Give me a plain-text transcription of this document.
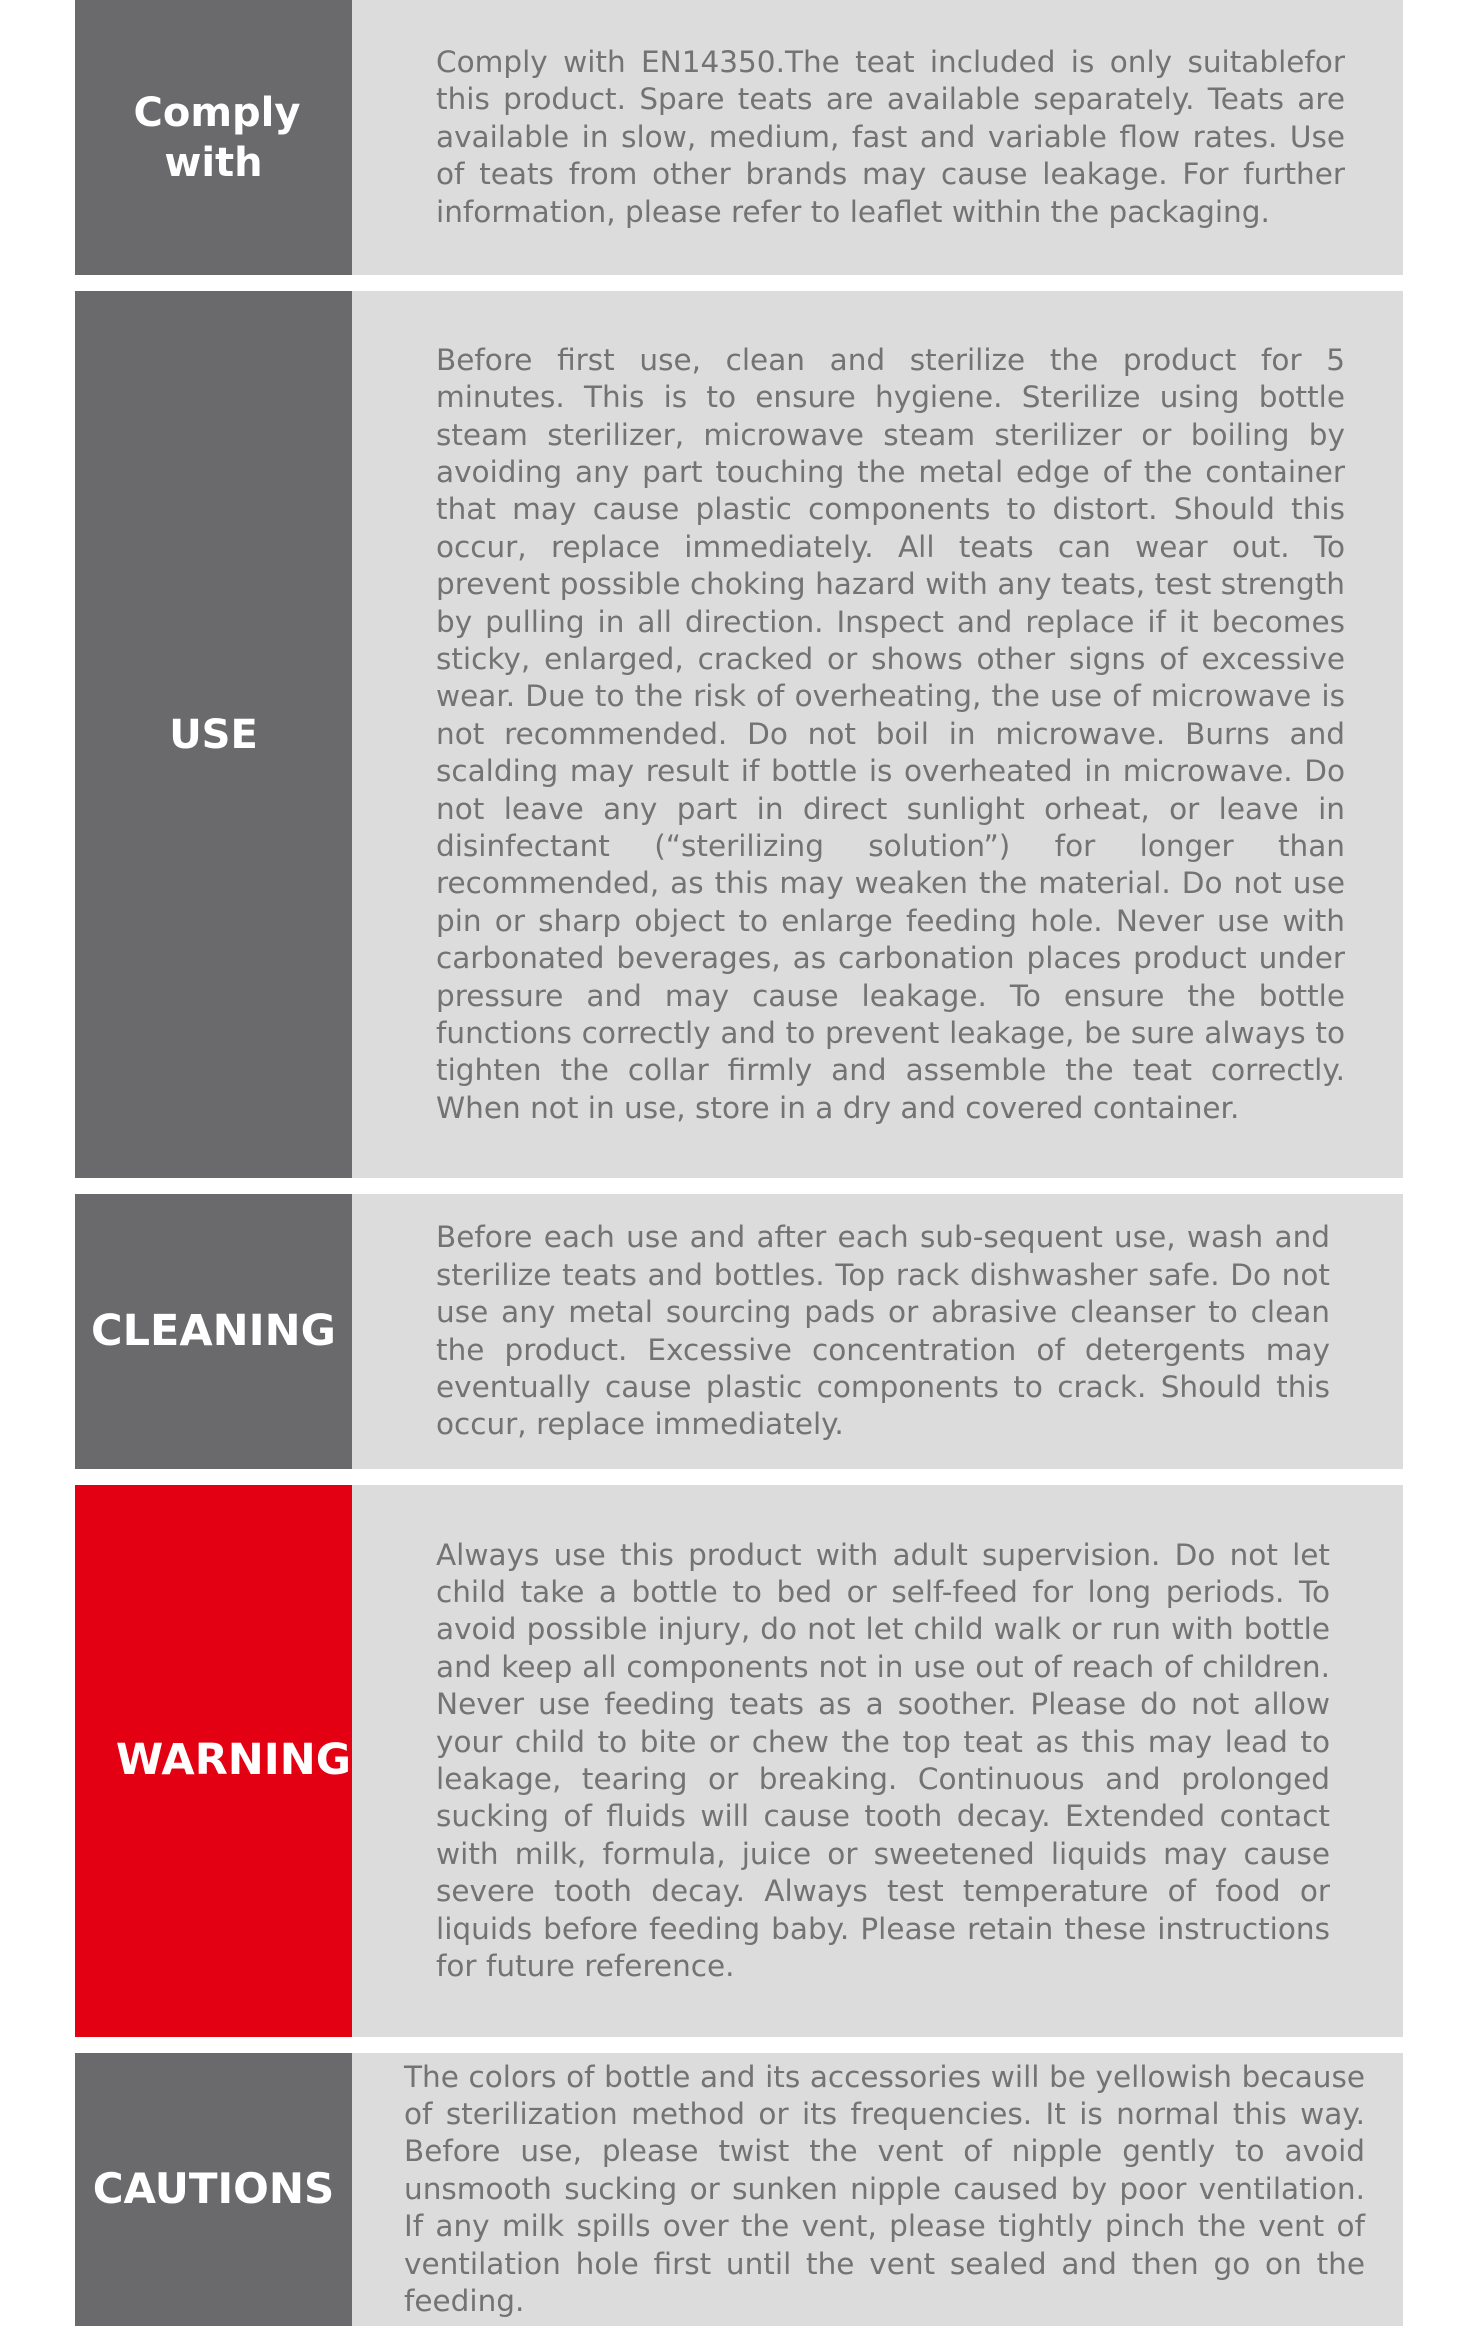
Comply with

Comply with EN14350.The teat included is only suitablefor this product. Spare teats are available separately. Teats are available in slow, medium, fast and variable flow rates. Use of teats from other brands may cause leakage. For further information, please refer to leaflet within the packaging.

USE

Before first use, clean and sterilize the product for 5 minutes. This is to ensure hygiene. Sterilize using bottle steam sterilizer, microwave steam sterilizer or boiling by avoiding any part touching the metal edge of the container that may cause plastic components to distort. Should this occur, replace immediately. All teats can wear out. To prevent possible choking hazard with any teats, test strength by pulling in all direction. Inspect and replace if it becomes sticky, enlarged, cracked or shows other signs of excessive wear. Due to the risk of overheating, the use of microwave is not recommended. Do not boil in microwave. Burns and scalding may result if bottle is overheated in microwave. Do not leave any part in direct sunlight orheat, or leave in disinfectant (“sterilizing solution”) for longer than recommended, as this may weaken the material. Do not use pin or sharp object to enlarge feeding hole. Never use with carbonated beverages, as carbonation places product under pressure and may cause leakage. To ensure the bottle functions correctly and to prevent leakage, be sure always to tighten the collar firmly and assemble the teat correctly. When not in use, store in a dry and covered container.

CLEANING

Before each use and after each sub-sequent use, wash and sterilize teats and bottles. Top rack dishwasher safe. Do not use any metal sourcing pads or abrasive cleanser to clean the product. Excessive concentration of detergents may eventually cause plastic components to crack. Should this occur, replace immediately.

WARNING

Always use this product with adult supervision. Do not let child take a bottle to bed or self-feed for long periods. To avoid possible injury, do not let child walk or run with bottle and keep all components not in use out of reach of children. Never use feeding teats as a soother. Please do not allow your child to bite or chew the top teat as this may lead to leakage, tearing or breaking. Continuous and prolonged sucking of fluids will cause tooth decay. Extended contact with milk, formula, juice or sweetened liquids may cause severe tooth decay. Always test temperature of food or liquids before feeding baby. Please retain these instructions for future reference.

CAUTIONS

The colors of bottle and its accessories will be yellowish because of sterilization method or its frequencies. It is normal this way. Before use, please twist the vent of nipple gently to avoid unsmooth sucking or sunken nipple caused by poor ventilation. If any milk spills over the vent, please tightly pinch the vent of ventilation hole first until the vent sealed and then go on the feeding.
